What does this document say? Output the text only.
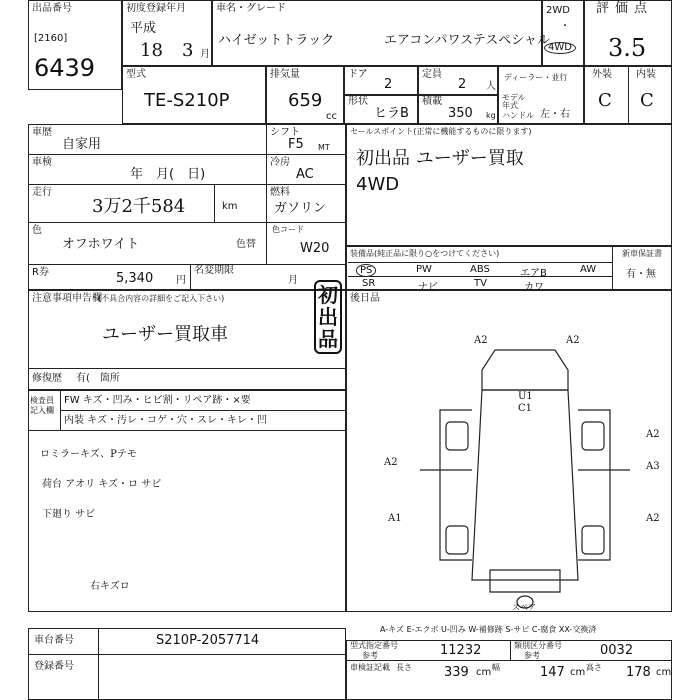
出品番号
[2160]
6439
初度登録年月
平成
18 3 月
車名・グレード
ハイゼットトラック	エアコンパワステスペシャル
2WD
・
4WD
評価点
3.5
型式
TE-S210P
排気量
659
cc
ドア
2
定員
2 人
形状
ヒラB
積載
350 kg
ディーラー・並行
モデル年式
ハンドル 左・右
外装 内装
C C
車歴
自家用
車検
年　月(　日)
走行
3万2千584	km
色
オフホワイト	色替
色コード
W20
シフト
F5 MT
冷房
AC
燃料
ガソリン
R券	5,340 円
名変期限
月
セールスポイント(正常に機能するものに限ります)
初出品 ユーザー買取
4WD
装備品(純正品に限り○をつけてください)	新車保証書
有・無
PS	PW	ABS	エアB	AW
SR	ナビ	TV	カワ
注意事項申告欄
(不具合内容の詳細をご記入下さい)
ユーザー買取車
初出品
修復歴 有(　箇所
後日品
A2	A2
U1
C1
A2
A2	A3
A1	A2
スペア
検査員記入欄
FW キズ・凹み・ヒビ割・リペア跡・×要
内装 キズ・汚レ・コゲ・穴・スレ・キレ・凹
ロミラーキズ、Pテモ
荷台 アオリ キズ・ロ サビ
下廻り サビ
右キズロ
A-キズ E-エクボ U-凹み W-補修跡 S-サビ C-腐食 XX-交換済
車台番号	S210P-2057714
登録番号
型式指定番号
参考	11232	類別区分番号
参考	0032
車検証記載 長さ 339 cm 幅	147 cm 高さ 178 cm
